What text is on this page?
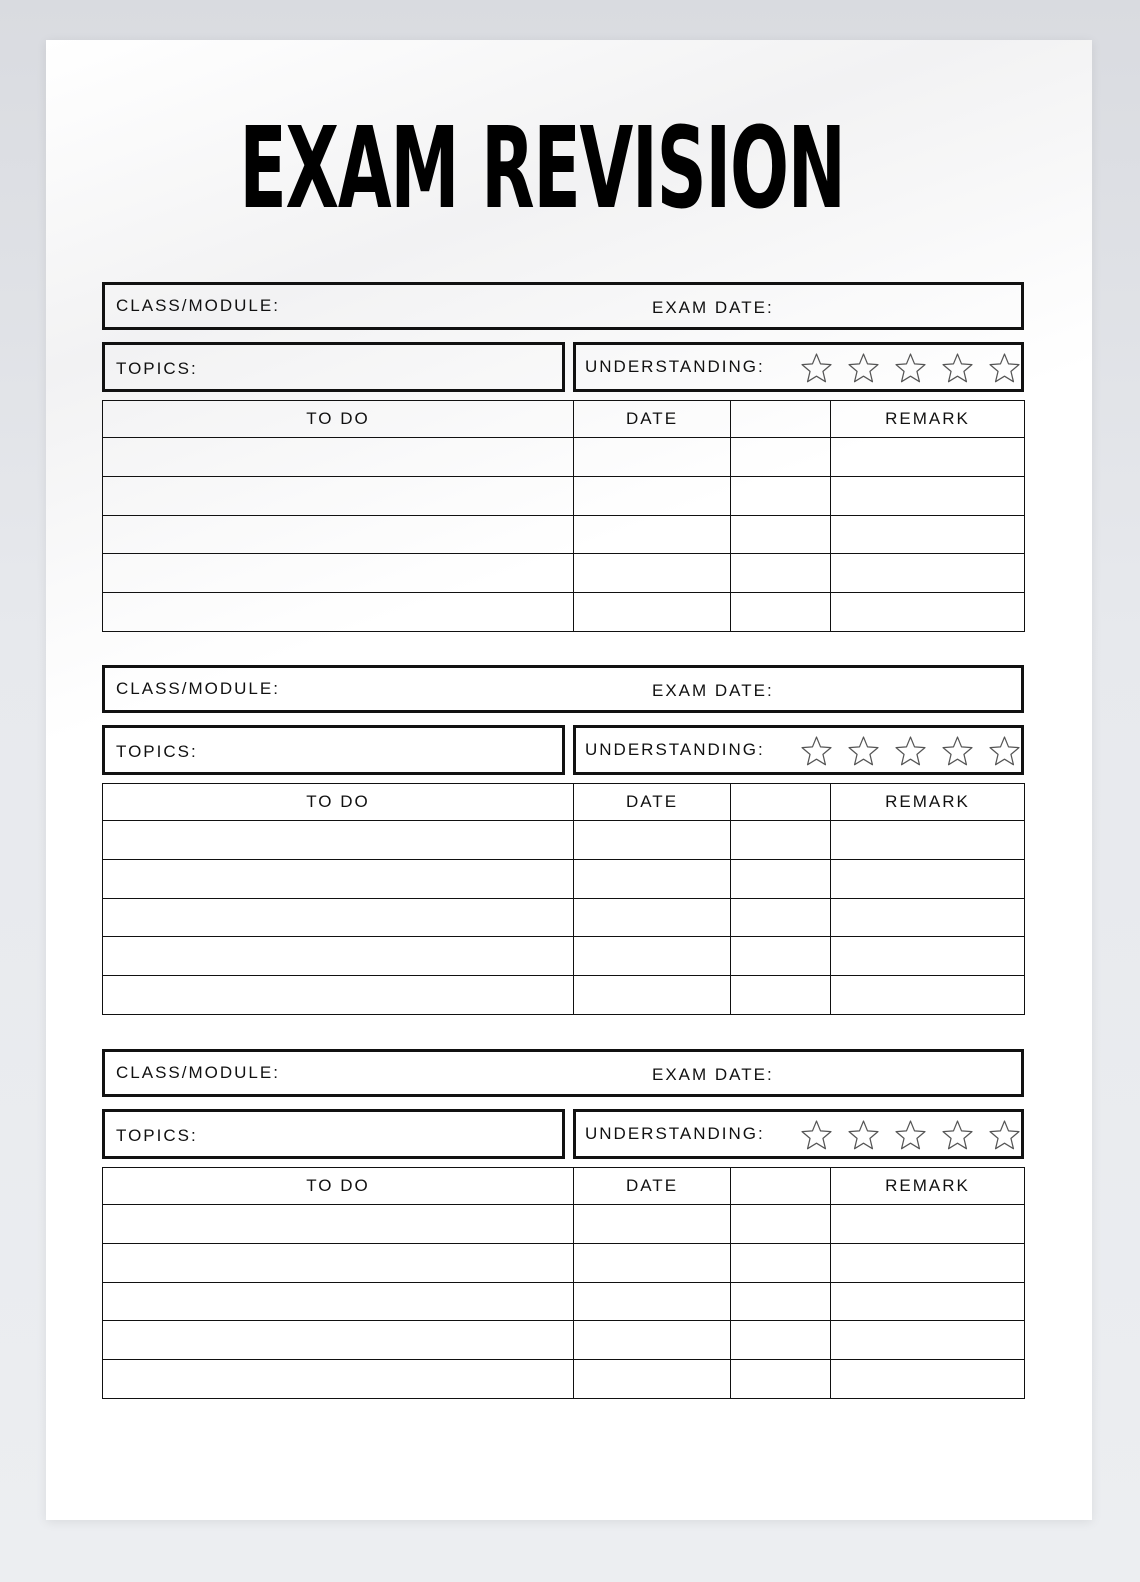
EXAM REVISION
CLASS/MODULE:	EXAM DATE:
TOPICS:	UNDERSTANDING:
TO DO	DATE		REMARK

CLASS/MODULE:	EXAM DATE:
TOPICS:	UNDERSTANDING:
TO DO	DATE		REMARK

CLASS/MODULE:	EXAM DATE:
TOPICS:	UNDERSTANDING:
TO DO	DATE		REMARK
